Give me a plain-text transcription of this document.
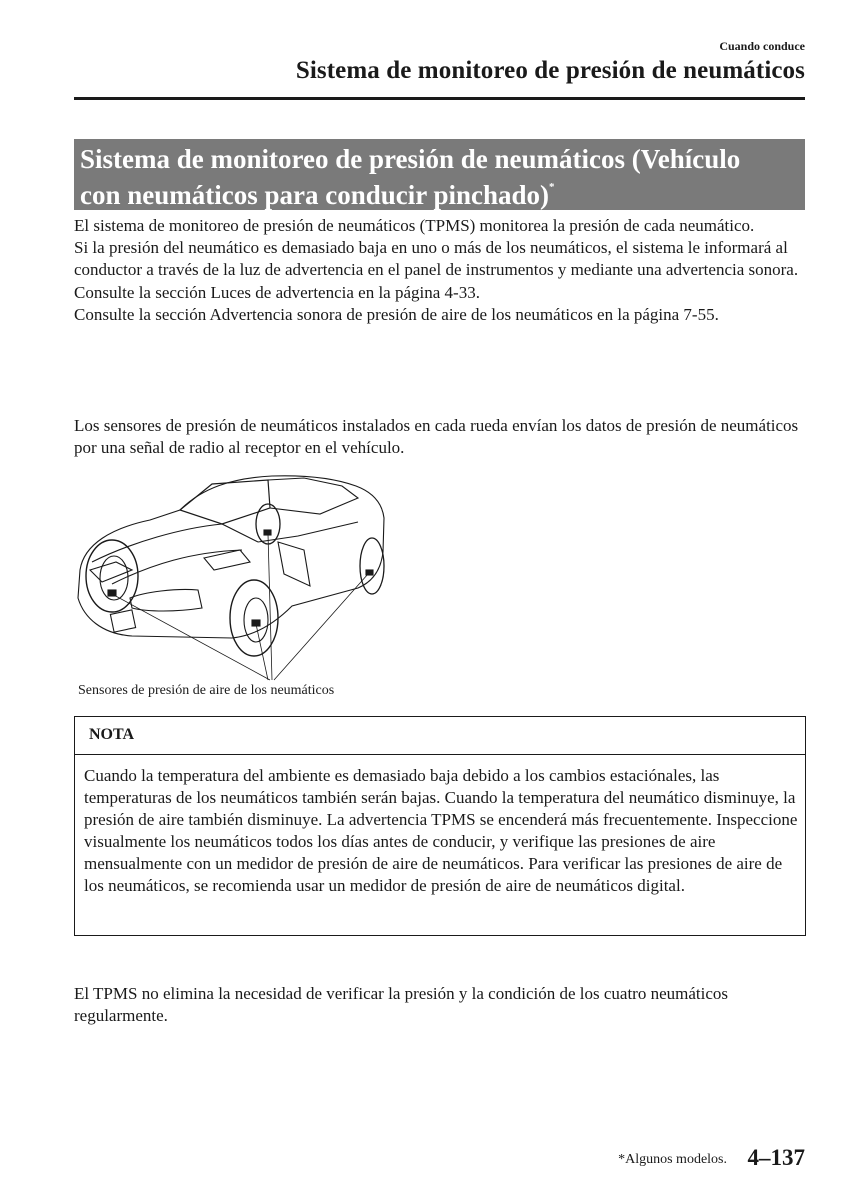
Cuando conduce
Sistema de monitoreo de presión de neumáticos
Sistema de monitoreo de presión de neumáticos (Vehículo
con neumáticos para conducir pinchado)*

El sistema de monitoreo de presión de neumáticos (TPMS) monitorea la presión de cada neumático.

Si la presión del neumático es demasiado baja en uno o más de los neumáticos, el sistema le informará al conductor a través de la luz de advertencia en el panel de instrumentos y mediante una advertencia sonora.

Consulte la sección Luces de advertencia en la página 4-33.

Consulte la sección Advertencia sonora de presión de aire de los neumáticos en la página 7-55.

Los sensores de presión de neumáticos instalados en cada rueda envían los datos de presión de neumáticos por una señal de radio al receptor en el vehículo.
Sensores de presión de aire de los neumáticos
NOTA
Cuando la temperatura del ambiente es demasiado baja debido a los cambios estaciónales, las temperaturas de los neumáticos también serán bajas. Cuando la temperatura del neumático disminuye, la presión de aire también disminuye. La advertencia TPMS se encenderá más frecuentemente. Inspeccione visualmente los neumáticos todos los días antes de conducir, y verifique las presiones de aire mensualmente con un medidor de presión de aire de neumáticos. Para verificar las presiones de aire de los neumáticos, se recomienda usar un medidor de presión de aire de neumáticos digital.
El TPMS no elimina la necesidad de verificar la presión y la condición de los cuatro neumáticos regularmente.
*Algunos modelos. 4–137
